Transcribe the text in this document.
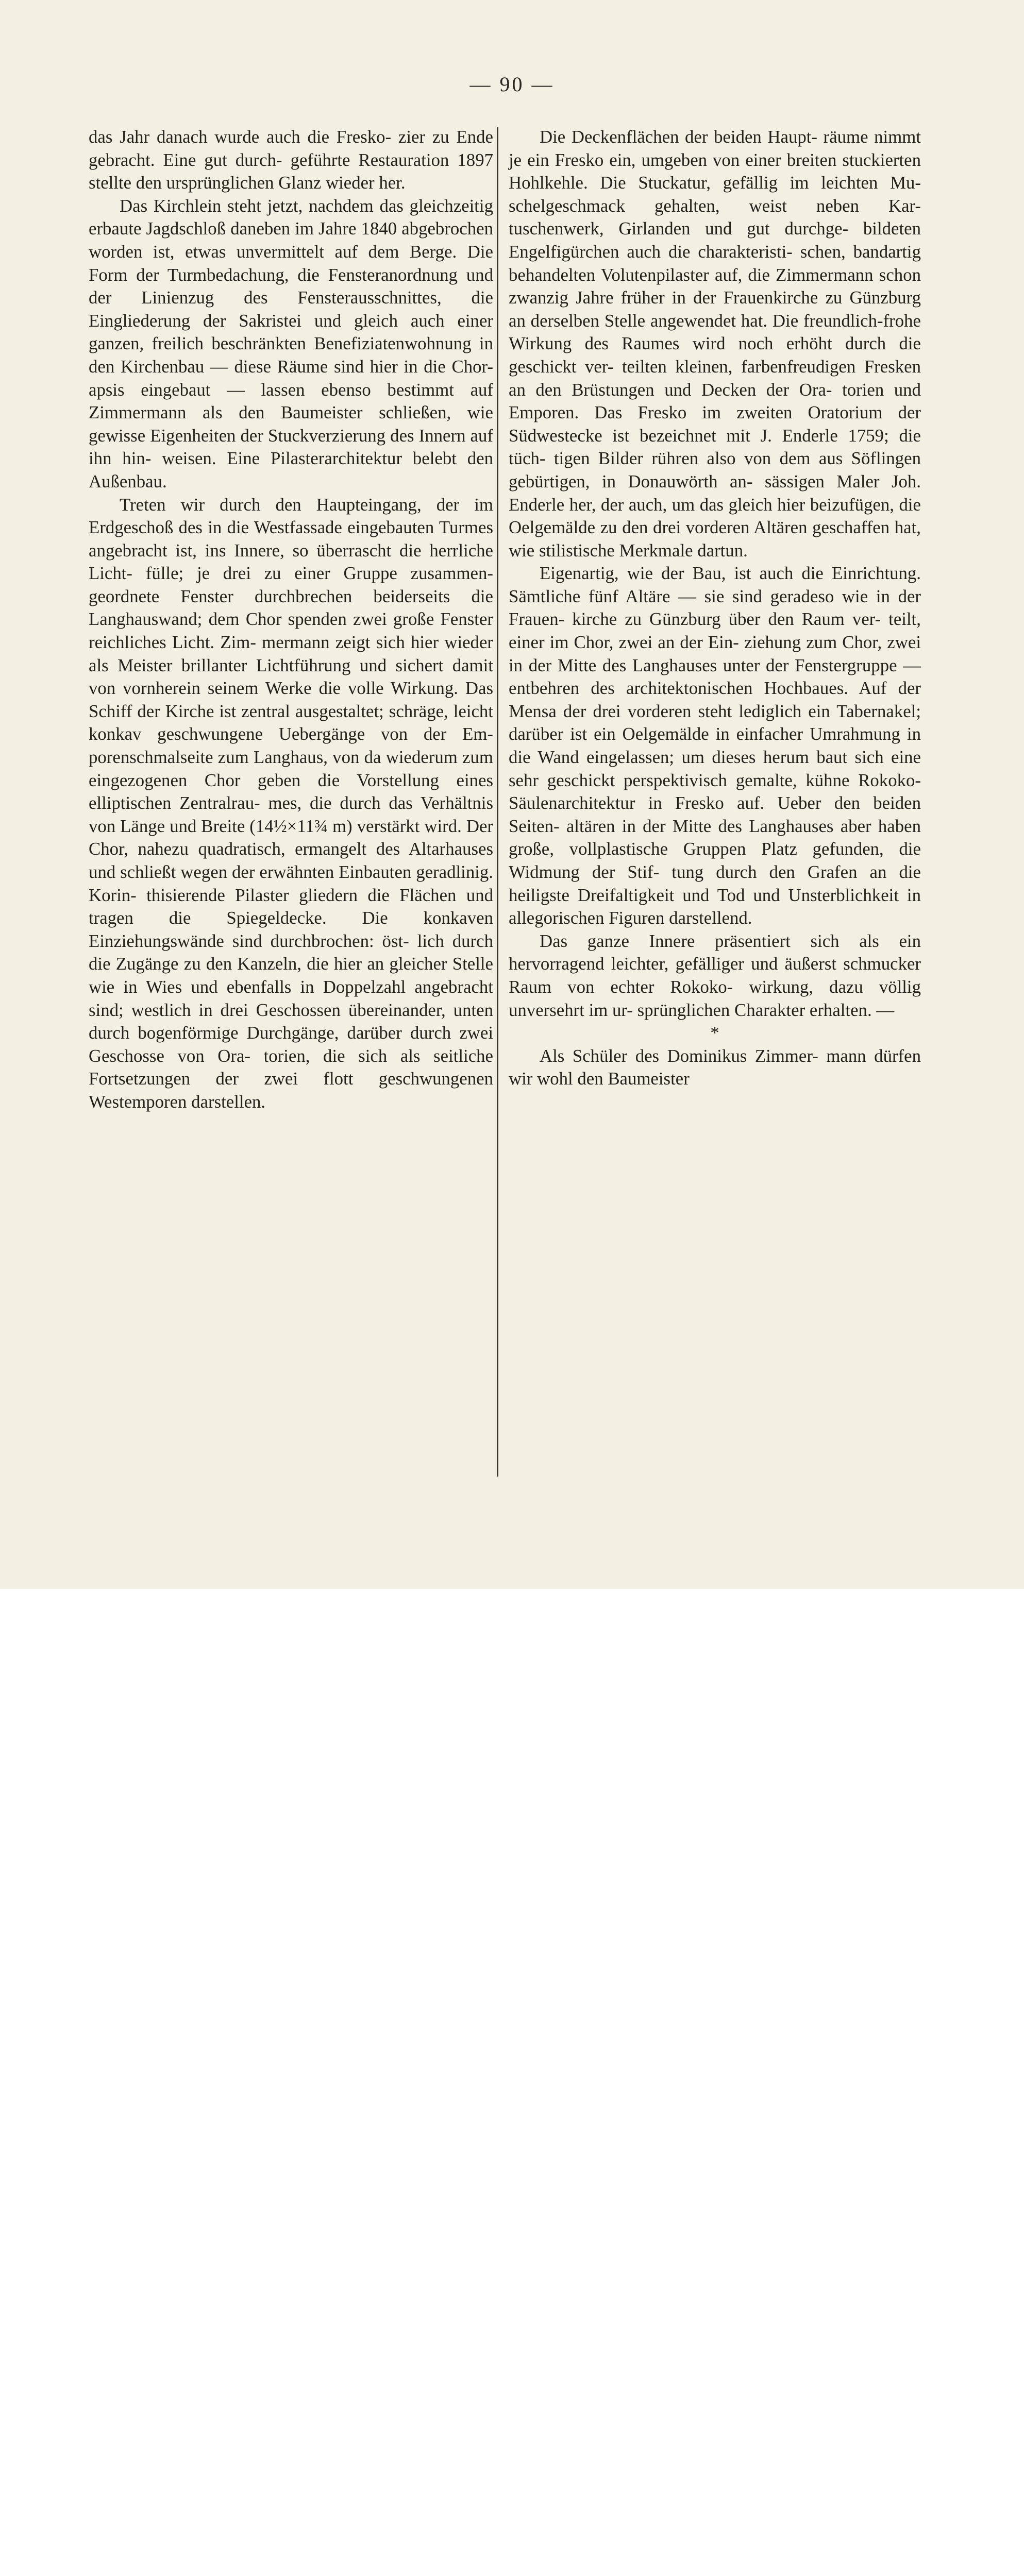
— 90 —

das Jahr danach wurde auch die Fresko- zier zu Ende gebracht. Eine gut durch- geführte Restauration 1897 stellte den ursprünglichen Glanz wieder her.

Das Kirchlein steht jetzt, nachdem das gleichzeitig erbaute Jagdschloß daneben im Jahre 1840 abgebrochen worden ist, etwas unvermittelt auf dem Berge. Die Form der Turmbedachung, die Fensteranordnung und der Linienzug des Fensterausschnittes, die Eingliederung der Sakristei und gleich auch einer ganzen, freilich beschränkten Benefiziatenwohnung in den Kirchenbau — diese Räume sind hier in die Chor- apsis eingebaut — lassen ebenso bestimmt auf Zimmermann als den Baumeister schließen, wie gewisse Eigenheiten der Stuckverzierung des Innern auf ihn hin- weisen. Eine Pilasterarchitektur belebt den Außenbau.

Treten wir durch den Haupteingang, der im Erdgeschoß des in die Westfassade eingebauten Turmes angebracht ist, ins Innere, so überrascht die herrliche Licht- fülle; je drei zu einer Gruppe zusammen- geordnete Fenster durchbrechen beiderseits die Langhauswand; dem Chor spenden zwei große Fenster reichliches Licht. Zim- mermann zeigt sich hier wieder als Meister brillanter Lichtführung und sichert damit von vornherein seinem Werke die volle Wirkung. Das Schiff der Kirche ist zentral ausgestaltet; schräge, leicht konkav geschwungene Uebergänge von der Em- porenschmalseite zum Langhaus, von da wiederum zum eingezogenen Chor geben die Vorstellung eines elliptischen Zentralrau- mes, die durch das Verhältnis von Länge und Breite (14½×11¾ m) verstärkt wird. Der Chor, nahezu quadratisch, ermangelt des Altarhauses und schließt wegen der erwähnten Einbauten geradlinig. Korin- thisierende Pilaster gliedern die Flächen und tragen die Spiegeldecke. Die konkaven Einziehungswände sind durchbrochen: öst- lich durch die Zugänge zu den Kanzeln, die hier an gleicher Stelle wie in Wies und ebenfalls in Doppelzahl angebracht sind; westlich in drei Geschossen übereinander, unten durch bogenförmige Durchgänge, darüber durch zwei Geschosse von Ora- torien, die sich als seitliche Fortsetzungen der zwei flott geschwungenen Westemporen darstellen.

Die Deckenflächen der beiden Haupt- räume nimmt je ein Fresko ein, umgeben von einer breiten stuckierten Hohlkehle. Die Stuckatur, gefällig im leichten Mu- schelgeschmack gehalten, weist neben Kar- tuschenwerk, Girlanden und gut durchge- bildeten Engelfigürchen auch die charakteristi- schen, bandartig behandelten Volutenpilaster auf, die Zimmermann schon zwanzig Jahre früher in der Frauenkirche zu Günzburg an derselben Stelle angewendet hat. Die freundlich-frohe Wirkung des Raumes wird noch erhöht durch die geschickt ver- teilten kleinen, farbenfreudigen Fresken an den Brüstungen und Decken der Ora- torien und Emporen. Das Fresko im zweiten Oratorium der Südwestecke ist bezeichnet mit J. Enderle 1759; die tüch- tigen Bilder rühren also von dem aus Söflingen gebürtigen, in Donauwörth an- sässigen Maler Joh. Enderle her, der auch, um das gleich hier beizufügen, die Oelgemälde zu den drei vorderen Altären geschaffen hat, wie stilistische Merkmale dartun.

Eigenartig, wie der Bau, ist auch die Einrichtung. Sämtliche fünf Altäre — sie sind geradeso wie in der Frauen- kirche zu Günzburg über den Raum ver- teilt, einer im Chor, zwei an der Ein- ziehung zum Chor, zwei in der Mitte des Langhauses unter der Fenstergruppe — entbehren des architektonischen Hochbaues. Auf der Mensa der drei vorderen steht lediglich ein Tabernakel; darüber ist ein Oelgemälde in einfacher Umrahmung in die Wand eingelassen; um dieses herum baut sich eine sehr geschickt perspektivisch gemalte, kühne Rokoko-Säulenarchitektur in Fresko auf. Ueber den beiden Seiten- altären in der Mitte des Langhauses aber haben große, vollplastische Gruppen Platz gefunden, die Widmung der Stif- tung durch den Grafen an die heiligste Dreifaltigkeit und Tod und Unsterblichkeit in allegorischen Figuren darstellend.

Das ganze Innere präsentiert sich als ein hervorragend leichter, gefälliger und äußerst schmucker Raum von echter Rokoko- wirkung, dazu völlig unversehrt im ur- sprünglichen Charakter erhalten. —

*

Als Schüler des Dominikus Zimmer- mann dürfen wir wohl den Baumeister
